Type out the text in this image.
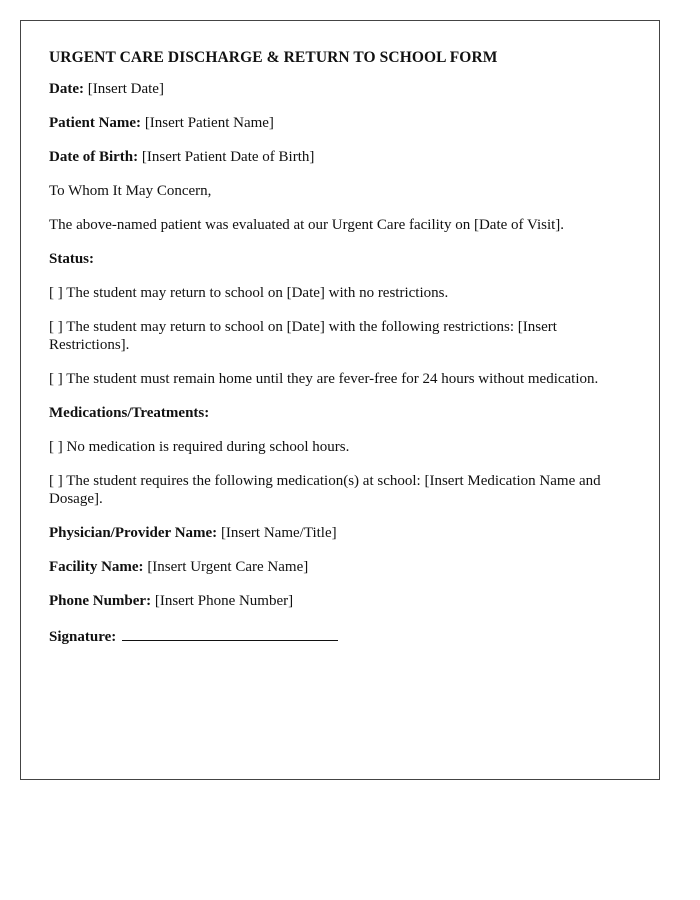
URGENT CARE DISCHARGE & RETURN TO SCHOOL FORM
Date: [Insert Date]
Patient Name: [Insert Patient Name]
Date of Birth: [Insert Patient Date of Birth]
To Whom It May Concern,
The above-named patient was evaluated at our Urgent Care facility on [Date of Visit].
Status:
[ ] The student may return to school on [Date] with no restrictions.
[ ] The student may return to school on [Date] with the following restrictions: [Insert Restrictions].
[ ] The student must remain home until they are fever-free for 24 hours without medication.
Medications/Treatments:
[ ] No medication is required during school hours.
[ ] The student requires the following medication(s) at school: [Insert Medication Name and Dosage].
Physician/Provider Name: [Insert Name/Title]
Facility Name: [Insert Urgent Care Name]
Phone Number: [Insert Phone Number]
Signature:
